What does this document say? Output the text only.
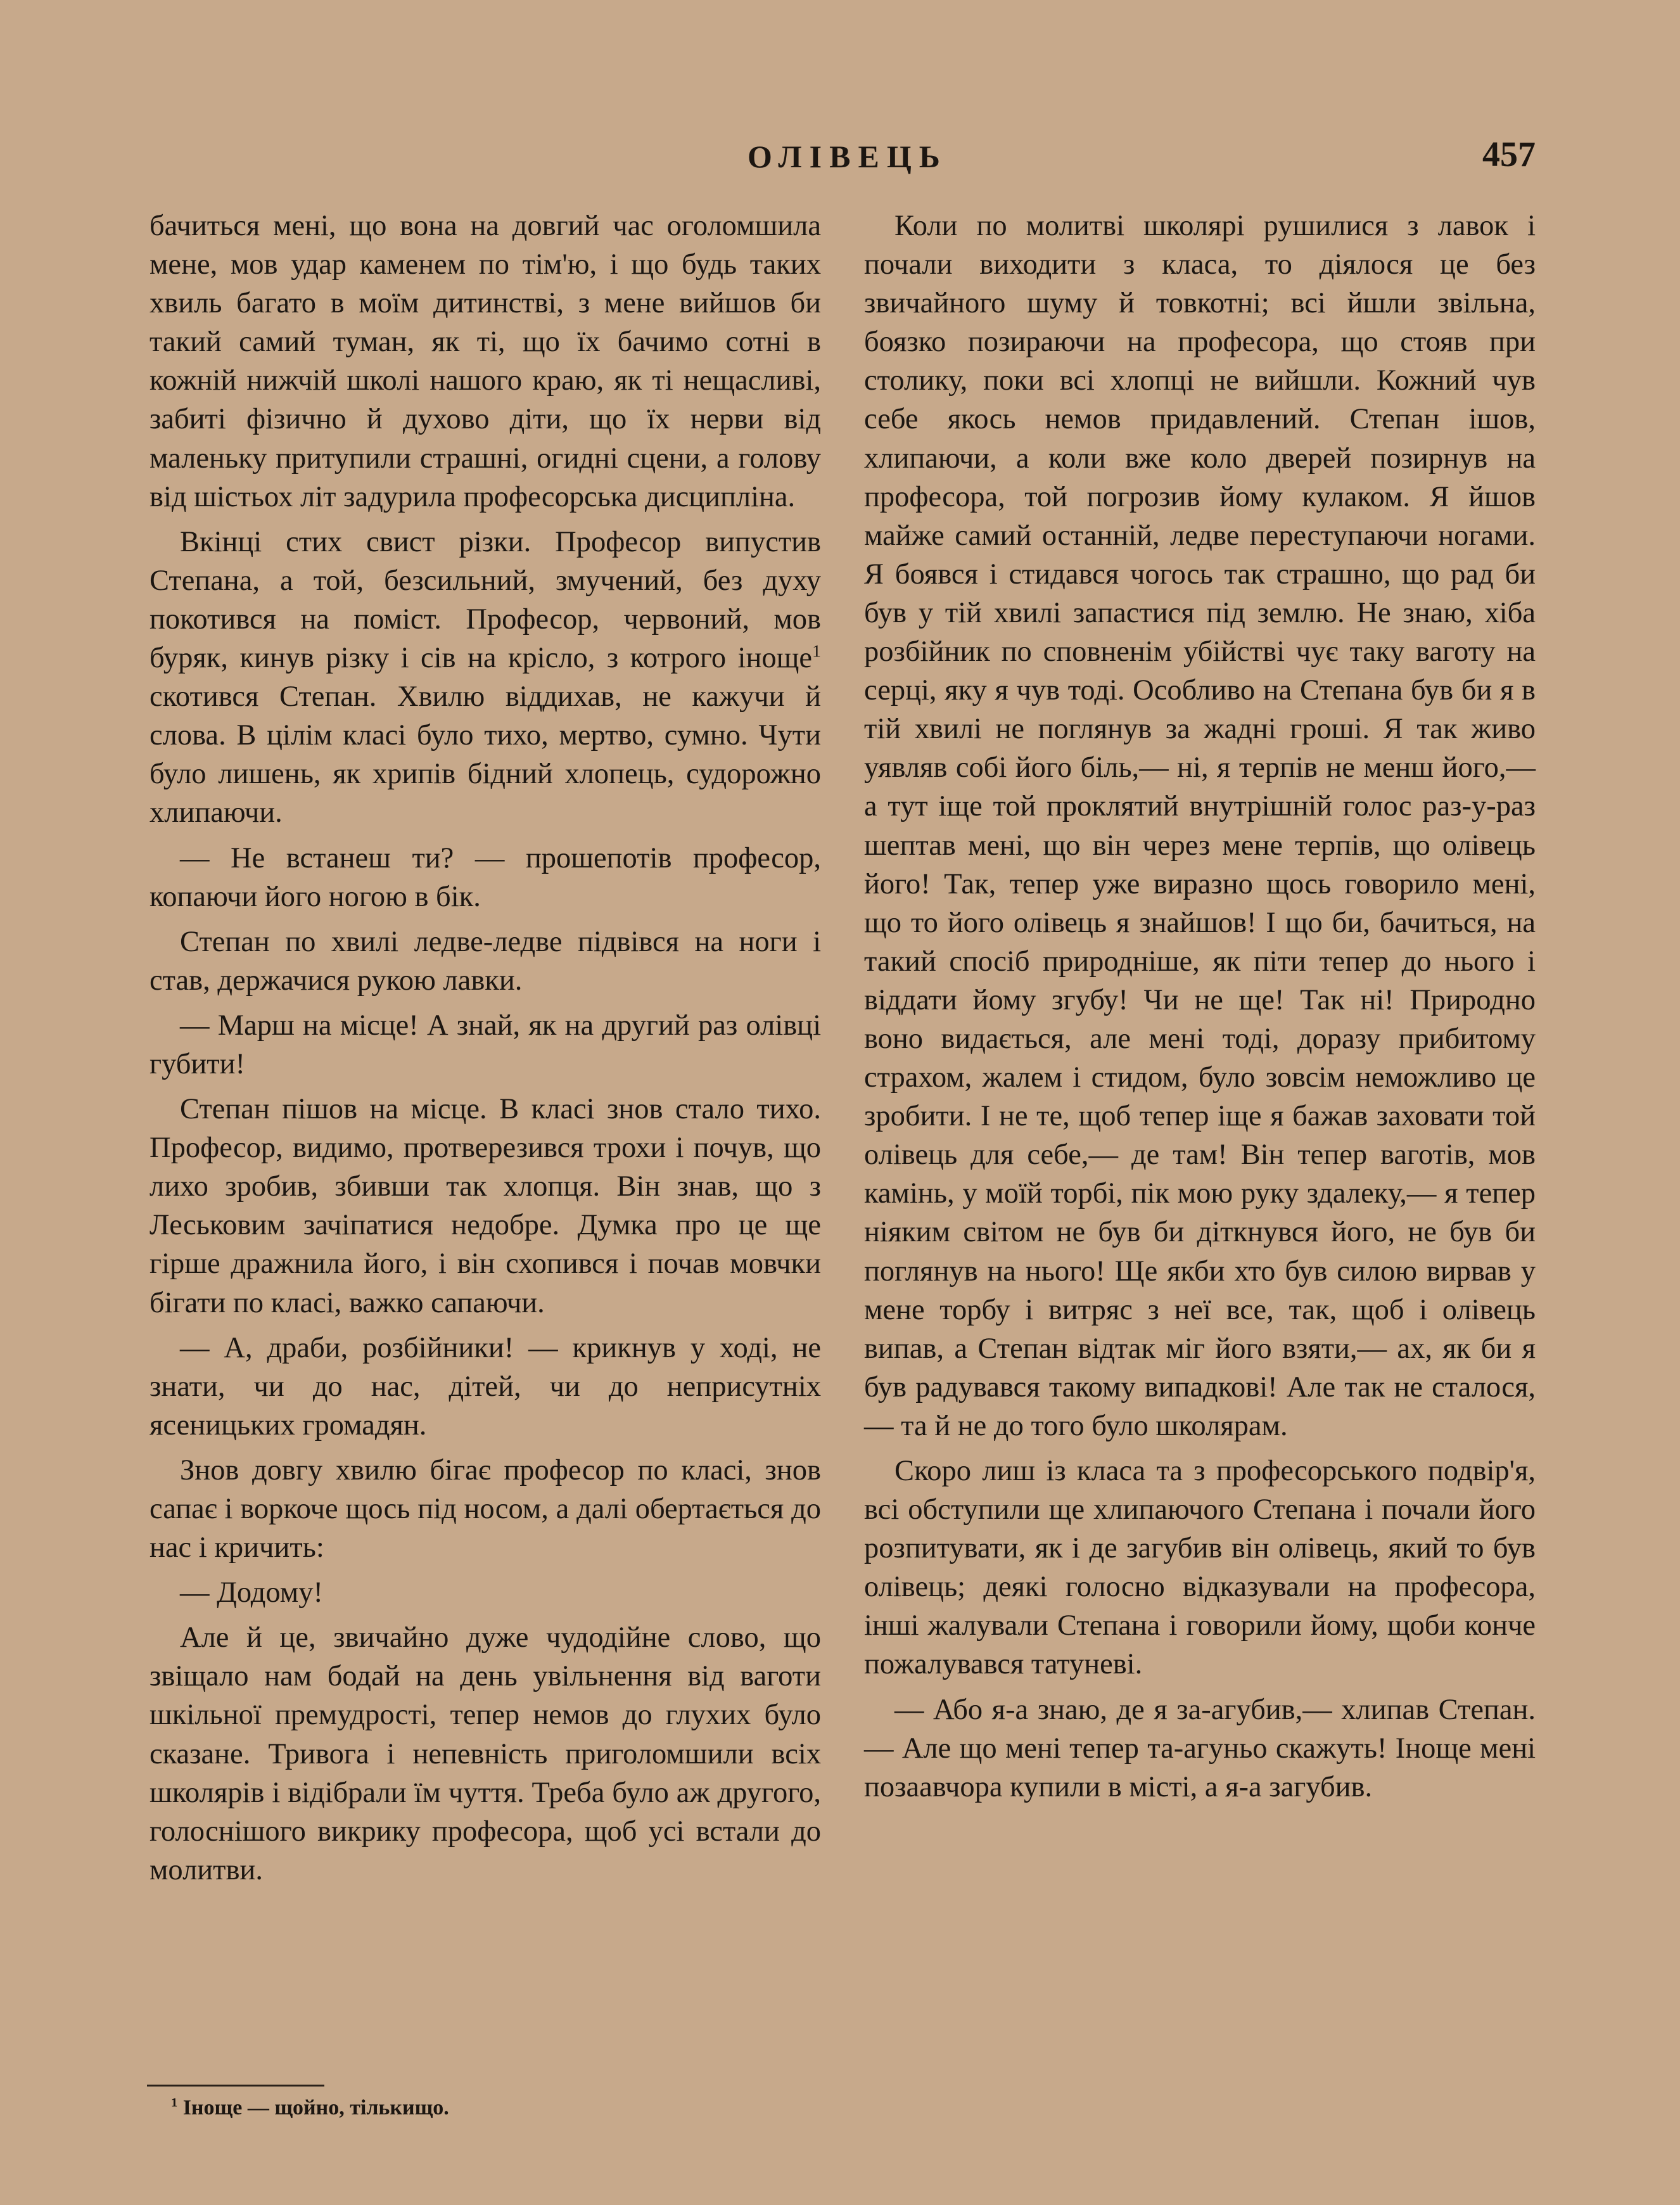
ОЛІВЕЦЬ	457

бачиться мені, що вона на довгий час оголомшила мене, мов удар каменем по тім'ю, і що будь таких хвиль багато в моїм дитинстві, з мене вийшов би такий самий туман, як ті, що їх бачимо сотні в кожній нижчій школі нашого краю, як ті нещасливі, забиті фізично й духово діти, що їх нерви від маленьку притупили страшні, огидні сцени, а голову від шістьох літ задурила професорська дисципліна.

Вкінці стих свист різки. Професор випустив Степана, а той, безсильний, змучений, без духу покотився на поміст. Професор, червоний, мов буряк, кинув різку і сів на крісло, з котрого іноще$^1$ скотився Степан. Хвилю віддихав, не кажучи й слова. В цілім класі було тихо, мертво, сумно. Чути було лишень, як хрипів бідний хлопець, судорожно хлипаючи.

— Не встанеш ти? — прошепотів професор, копаючи його ногою в бік.

Степан по хвилі ледве-ледве підвівся на ноги і став, держачися рукою лавки.

— Марш на місце! А знай, як на другий раз олівці губити!

Степан пішов на місце. В класі знов стало тихо. Професор, видимо, протверезився трохи і почув, що лихо зробив, збивши так хлопця. Він знав, що з Леськовим зачіпатися недобре. Думка про це ще гірше дражнила його, і він схопився і почав мовчки бігати по класі, важко сапаючи.

— А, драби, розбійники! — крикнув у ході, не знати, чи до нас, дітей, чи до неприсутніх ясеницьких громадян.

Знов довгу хвилю бігає професор по класі, знов сапає і воркоче щось під носом, а далі обертається до нас і кричить:

— Додому!

Але й це, звичайно дуже чудодійне слово, що звіщало нам бодай на день увільнення від ваготи шкільної премудрості, тепер немов до глухих було сказане. Тривога і непевність приголомшили всіх школярів і відібрали їм чуття. Треба було аж другого, голоснішого викрику професора, щоб усі встали до молитви.

Коли по молитві школярі рушилися з лавок і почали виходити з класа, то діялося це без звичайного шуму й товкотні; всі йшли звільна, боязко позираючи на професора, що стояв при столику, поки всі хлопці не вийшли. Кожний чув себе якось немов придавлений. Степан ішов, хлипаючи, а коли вже коло дверей позирнув на професора, той погрозив йому кулаком. Я йшов майже самий останній, ледве переступаючи ногами. Я боявся і стидався чогось так страшно, що рад би був у тій хвилі запастися під землю. Не знаю, хіба розбійник по сповненім убійстві чує таку ваготу на серці, яку я чув тоді. Особливо на Степана був би я в тій хвилі не поглянув за жадні гроші. Я так живо уявляв собі його біль,— ні, я терпів не менш його,— а тут іще той проклятий внутрішній голос раз-у-раз шептав мені, що він через мене терпів, що олівець його! Так, тепер уже виразно щось говорило мені, що то його олівець я знайшов! І що би, бачиться, на такий спосіб природніше, як піти тепер до нього і віддати йому згубу! Чи не ще! Так ні! Природно воно видається, але мені тоді, доразу прибитому страхом, жалем і стидом, було зовсім неможливо це зробити. І не те, щоб тепер іще я бажав заховати той олівець для себе,— де там! Він тепер ваготів, мов камінь, у моїй торбі, пік мою руку здалеку,— я тепер ніяким світом не був би діткнувся його, не був би поглянув на нього! Ще якби хто був силою вирвав у мене торбу і витряс з неї все, так, щоб і олівець випав, а Степан відтак міг його взяти,— ах, як би я був радувався такому випадкові! Але так не сталося,— та й не до того було школярам.

Скоро лиш із класа та з професорського подвір'я, всі обступили ще хлипаючого Степана і почали його розпитувати, як і де загубив він олівець, який то був олівець; деякі голосно відказували на професора, інші жалували Степана і говорили йому, щоби конче пожалувався татуневі.

— Або я-а знаю, де я за-агубив,— хлипав Степан.— Але що мені тепер та-агуньо скажуть! Іноще мені позаавчора купили в місті, а я-а загубив.

$^1$ Іноще — щойно, тількищо.
